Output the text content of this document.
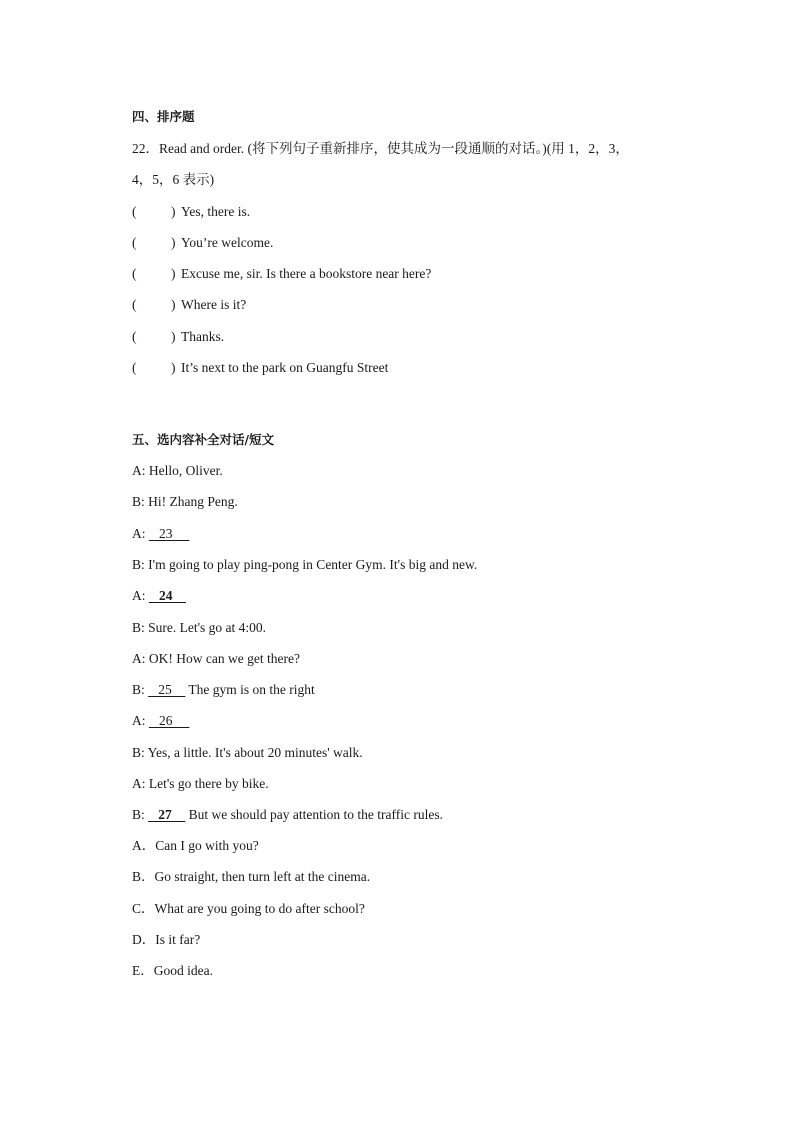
四、排序题
22．Read and order. (将下列句子重新排序，使其成为一段通顺的对话。)(用 1，2，3，
4，5，6 表示)
(	) Yes, there is.
(	) You’re welcome.
(	) Excuse me, sir. Is there a bookstore near here?
(	) Where is it?
(	) Thanks.
(	) It’s next to the park on Guangfu Street
五、选内容补全对话/短文
A: Hello, Oliver.
B: Hi! Zhang Peng.
A:    23
B: I'm going to play ping-pong in Center Gym. It's big and new.
A:    24
B: Sure. Let's go at 4:00.
A: OK! How can we get there?
B:    25     The gym is on the right
A:    26
B: Yes, a little. It's about 20 minutes' walk.
A: Let's go there by bike.
B:    27     But we should pay attention to the traffic rules.
A．Can I go with you?
B．Go straight, then turn left at the cinema.
C．What are you going to do after school?
D．Is it far?
E．Good idea.
